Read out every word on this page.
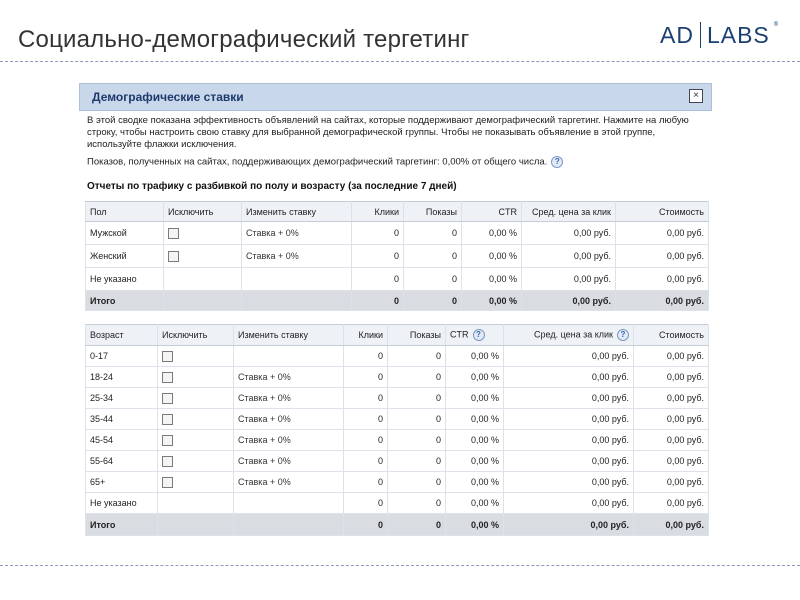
Социально-демографический тергетинг	AD LABS ®
Демографические ставки	×
В этой сводке показана эффективность объявлений на сайтах, которые поддерживают демографический таргетинг. Нажмите на любую строку, чтобы настроить свою ставку для выбранной демографической группы. Чтобы не показывать объявление в этой группе, используйте флажки исключения.
Показов, полученных на сайтах, поддерживающих демографический таргетинг: 0,00% от общего числа. ?
Отчеты по трафику с разбивкой по полу и возрасту (за последние 7 дней)
Пол	Исключить	Изменить ставку	Клики	Показы	CTR	Сред. цена за клик	Стоимость
Мужской		Ставка + 0%	0	0	0,00 %	0,00 руб.	0,00 руб.
Женский		Ставка + 0%	0	0	0,00 %	0,00 руб.	0,00 руб.
Не указано			0	0	0,00 %	0,00 руб.	0,00 руб.
Итого			0	0	0,00 %	0,00 руб.	0,00 руб.
Возраст	Исключить	Изменить ставку	Клики	Показы	CTR ?	Сред. цена за клик ?	Стоимость
0-17			0	0	0,00 %	0,00 руб.	0,00 руб.
18-24		Ставка + 0%	0	0	0,00 %	0,00 руб.	0,00 руб.
25-34		Ставка + 0%	0	0	0,00 %	0,00 руб.	0,00 руб.
35-44		Ставка + 0%	0	0	0,00 %	0,00 руб.	0,00 руб.
45-54		Ставка + 0%	0	0	0,00 %	0,00 руб.	0,00 руб.
55-64		Ставка + 0%	0	0	0,00 %	0,00 руб.	0,00 руб.
65+		Ставка + 0%	0	0	0,00 %	0,00 руб.	0,00 руб.
Не указано			0	0	0,00 %	0,00 руб.	0,00 руб.
Итого			0	0	0,00 %	0,00 руб.	0,00 руб.
